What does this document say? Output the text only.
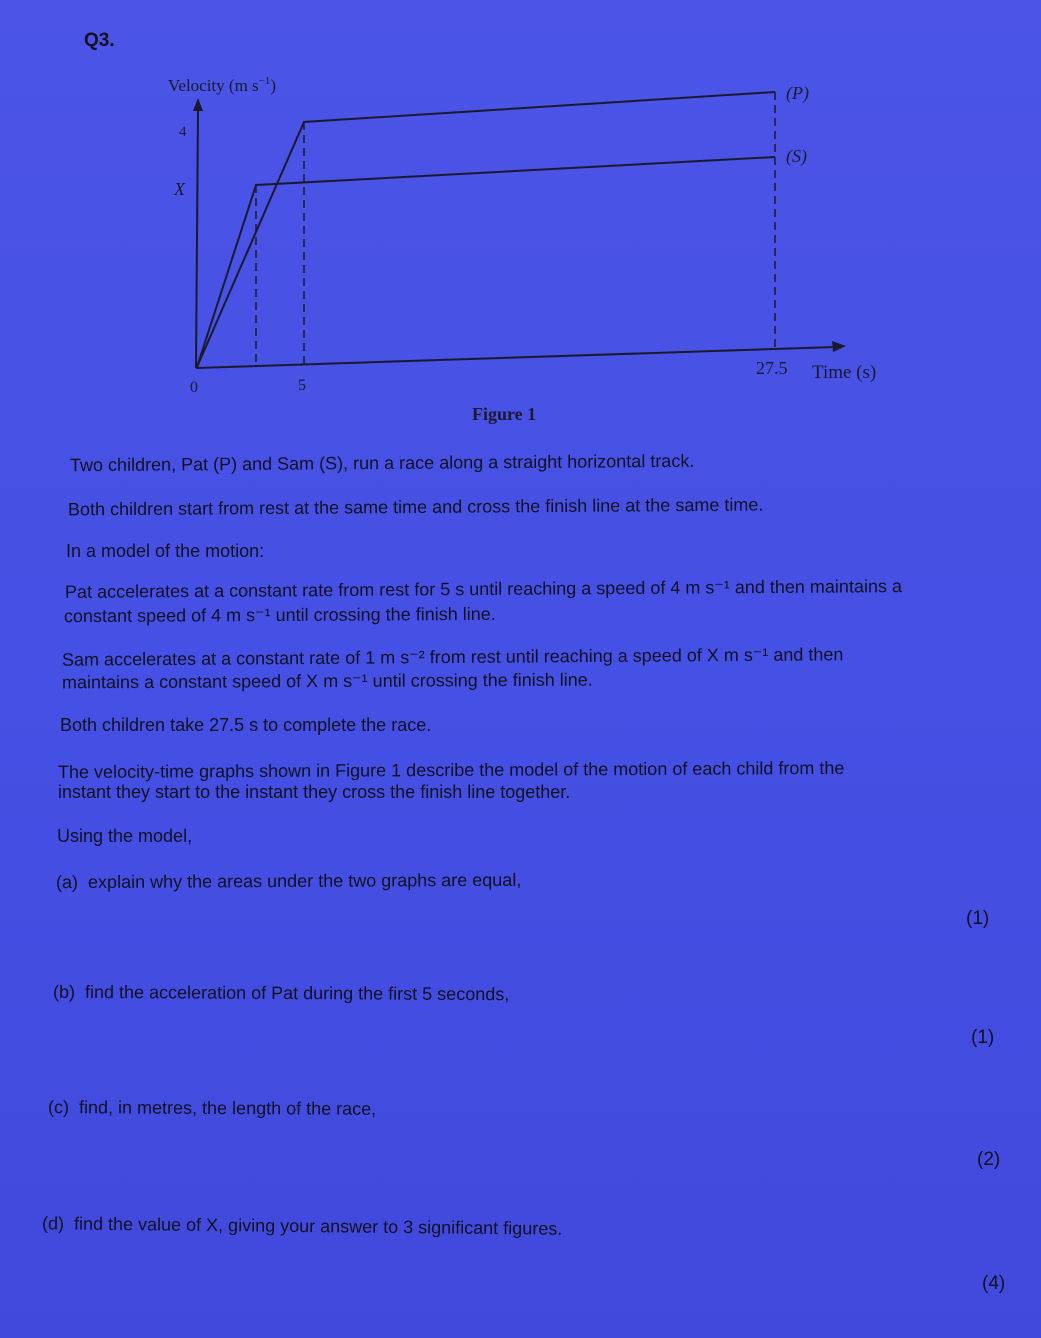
Q3.
Velocity (m $s^{-1}$)
4
X
0	5
27.5 Time (s)
(P)
(S)
Figure 1
Two children, Pat (P) and Sam (S), run a race along a straight horizontal track.
Both children start from rest at the same time and cross the finish line at the same time.
In a model of the motion:
Pat accelerates at a constant rate from rest for 5 s until reaching a speed of 4 m s⁻¹ and then maintains a
constant speed of 4 m s⁻¹ until crossing the finish line.
Sam accelerates at a constant rate of 1 m s⁻² from rest until reaching a speed of X m s⁻¹ and then
maintains a constant speed of X m s⁻¹ until crossing the finish line.
Both children take 27.5 s to complete the race.
The velocity-time graphs shown in Figure 1 describe the model of the motion of each child from the
instant they start to the instant they cross the finish line together.
Using the model,
(a) explain why the areas under the two graphs are equal,
(1)
(b) find the acceleration of Pat during the first 5 seconds,
(1)
(c) find, in metres, the length of the race,
(2)
(d) find the value of X, giving your answer to 3 significant figures.
(4)
